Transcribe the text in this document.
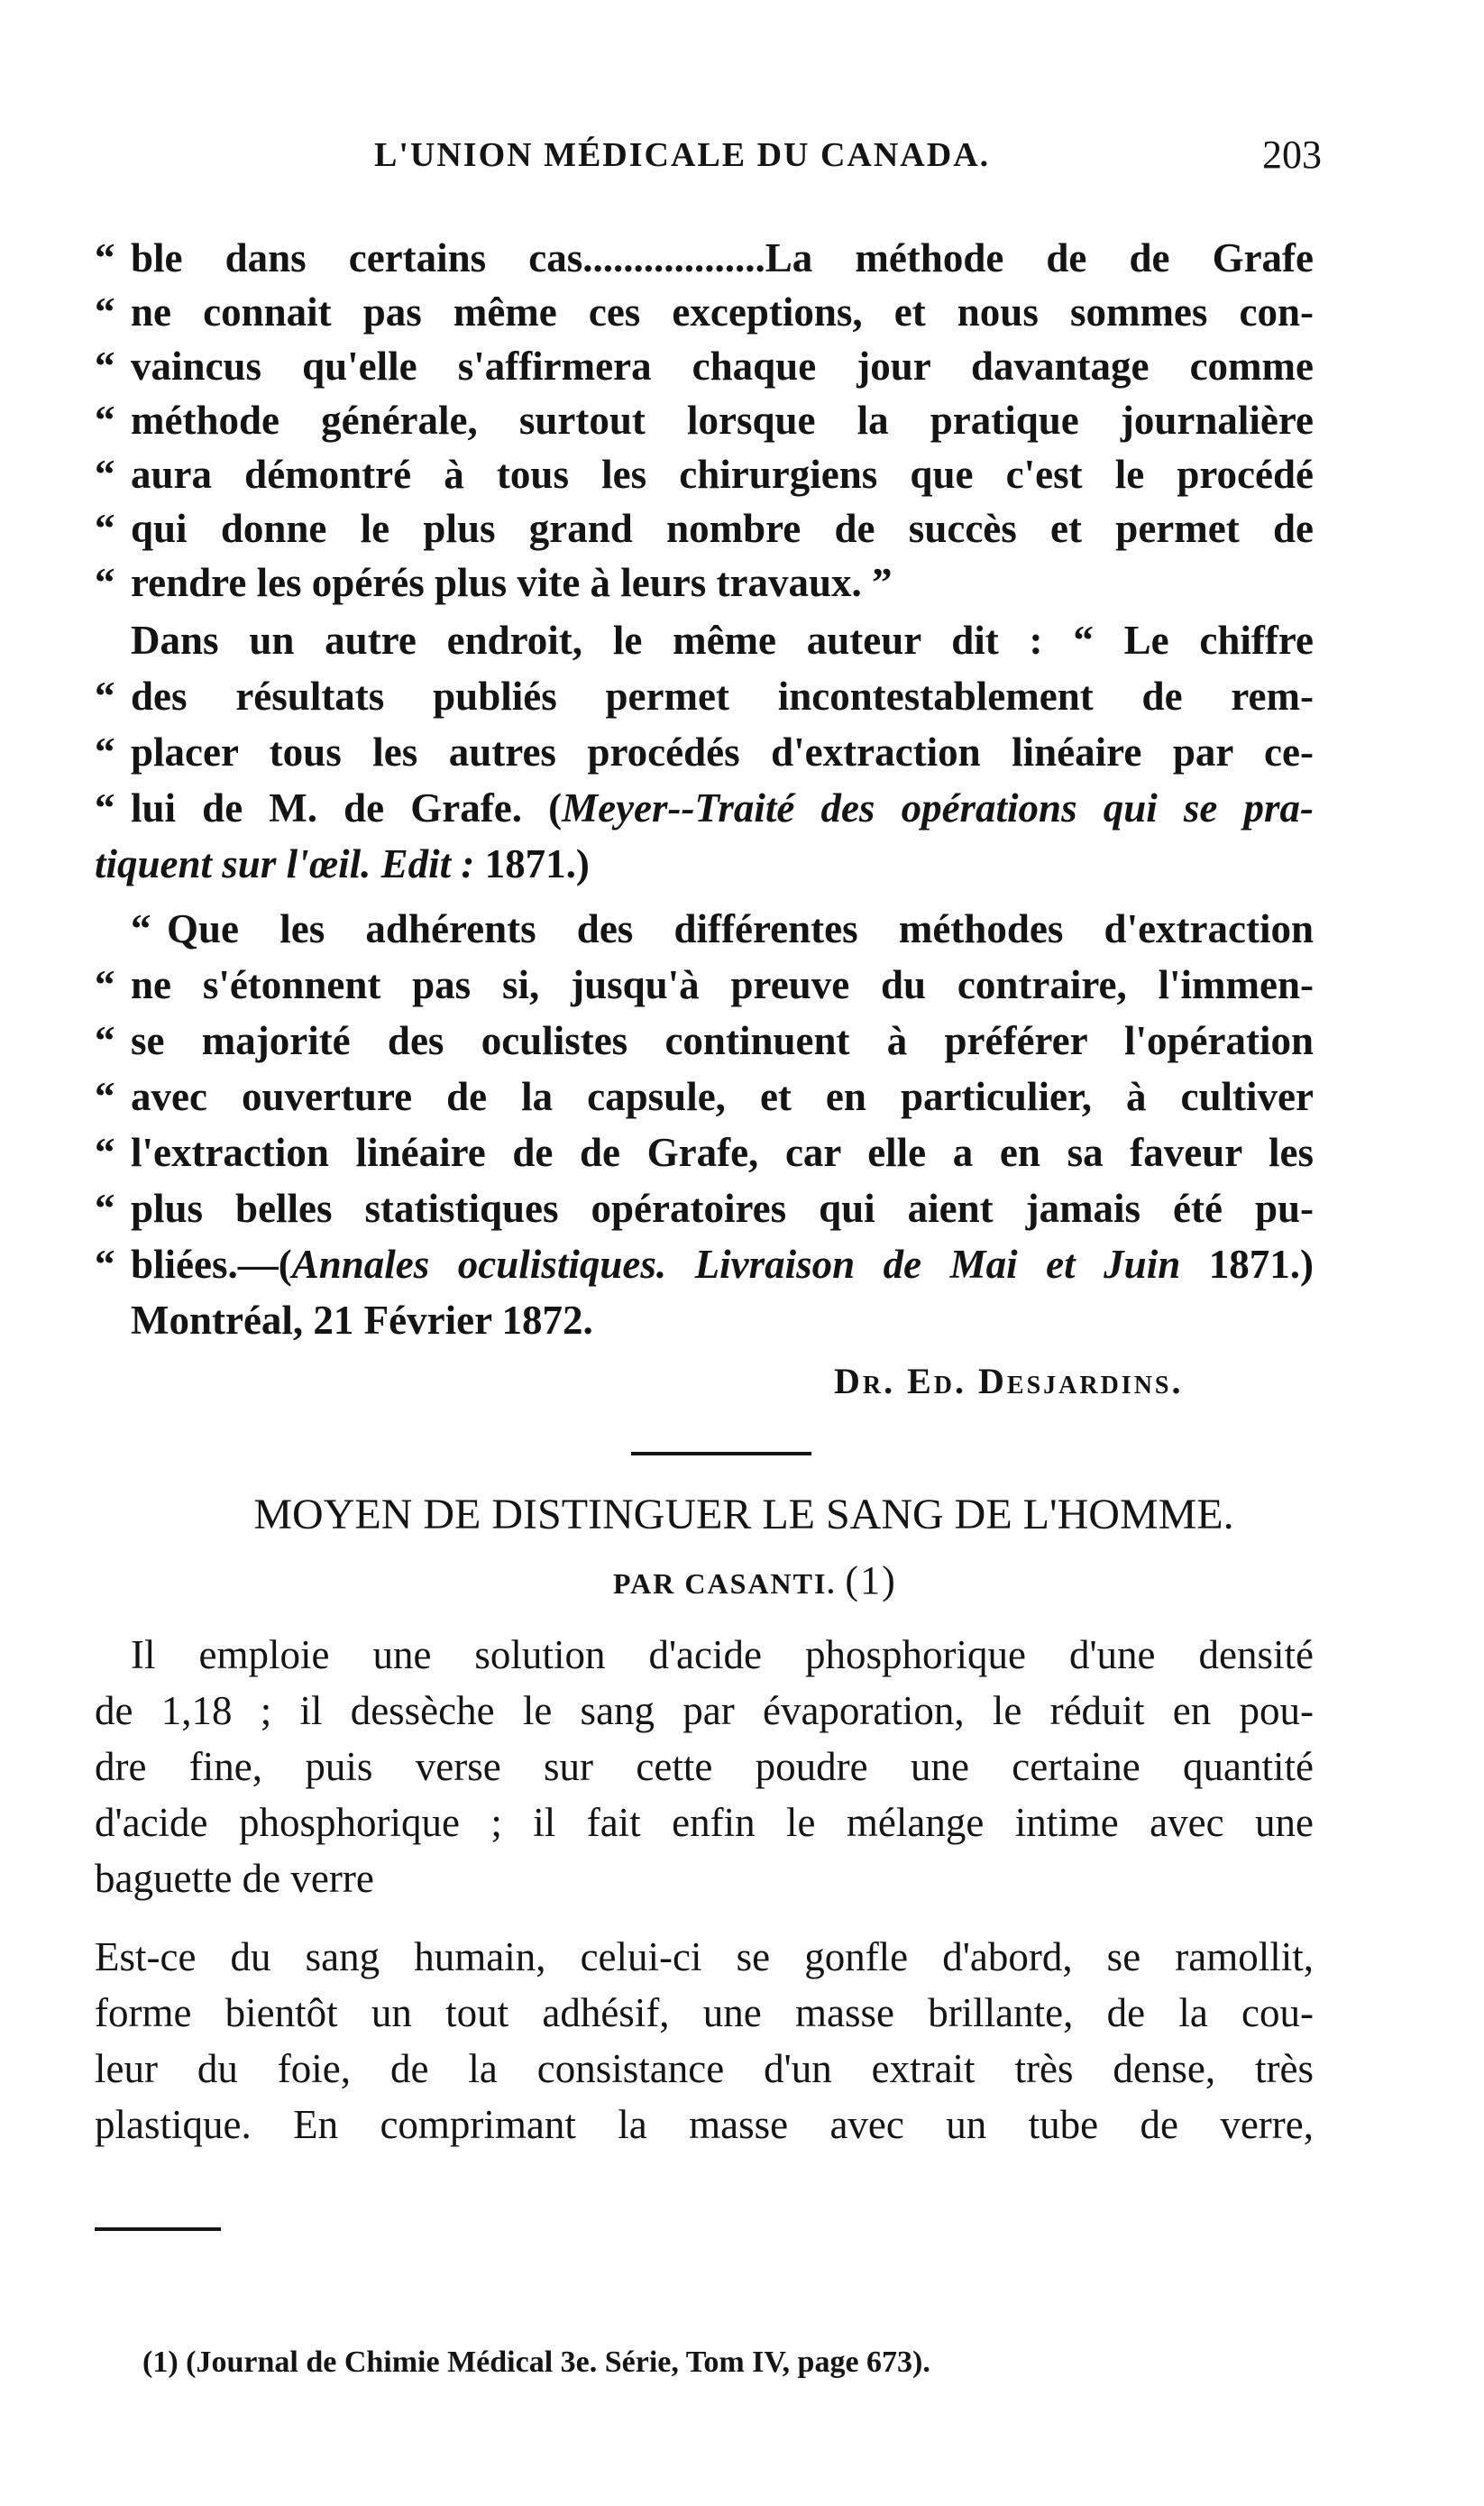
L'UNION MÉDICALE DU CANADA.	203
“ ble dans certains cas..................La méthode de de Grafe
“ ne connait pas même ces exceptions, et nous sommes con-
“ vaincus qu'elle s'affirmera chaque jour davantage comme
“ méthode générale, surtout lorsque la pratique journalière
“ aura démontré à tous les chirurgiens que c'est le procédé
“ qui donne le plus grand nombre de succès et permet de
“ rendre les opérés plus vite à leurs travaux. ”
Dans un autre endroit, le même auteur dit : “ Le chiffre
“ des résultats publiés permet incontestablement de rem-
“ placer tous les autres procédés d'extraction linéaire par ce-
“ lui de M. de Grafe. (Meyer--Traité des opérations qui se pra-
tiquent sur l'œil. Edit : 1871.)
“ Que les adhérents des différentes méthodes d'extraction
“ ne s'étonnent pas si, jusqu'à preuve du contraire, l'immen-
“ se majorité des oculistes continuent à préférer l'opération
“ avec ouverture de la capsule, et en particulier, à cultiver
“ l'extraction linéaire de de Grafe, car elle a en sa faveur les
“ plus belles statistiques opératoires qui aient jamais été pu-
“ bliées.—(Annales oculistiques. Livraison de Mai et Juin 1871.)
Montréal, 21 Février 1872.
Dr. Ed. Desjardins.
MOYEN DE DISTINGUER LE SANG DE L'HOMME.
PAR CASANTI. (1)
Il emploie une solution d'acide phosphorique d'une densité
de 1,18 ; il dessèche le sang par évaporation, le réduit en pou-
dre fine, puis verse sur cette poudre une certaine quantité
d'acide phosphorique ; il fait enfin le mélange intime avec une
baguette de verre
Est-ce du sang humain, celui-ci se gonfle d'abord, se ramollit,
forme bientôt un tout adhésif, une masse brillante, de la cou-
leur du foie, de la consistance d'un extrait très dense, très
plastique. En comprimant la masse avec un tube de verre,
(1) (Journal de Chimie Médical 3e. Série, Tom IV, page 673).
